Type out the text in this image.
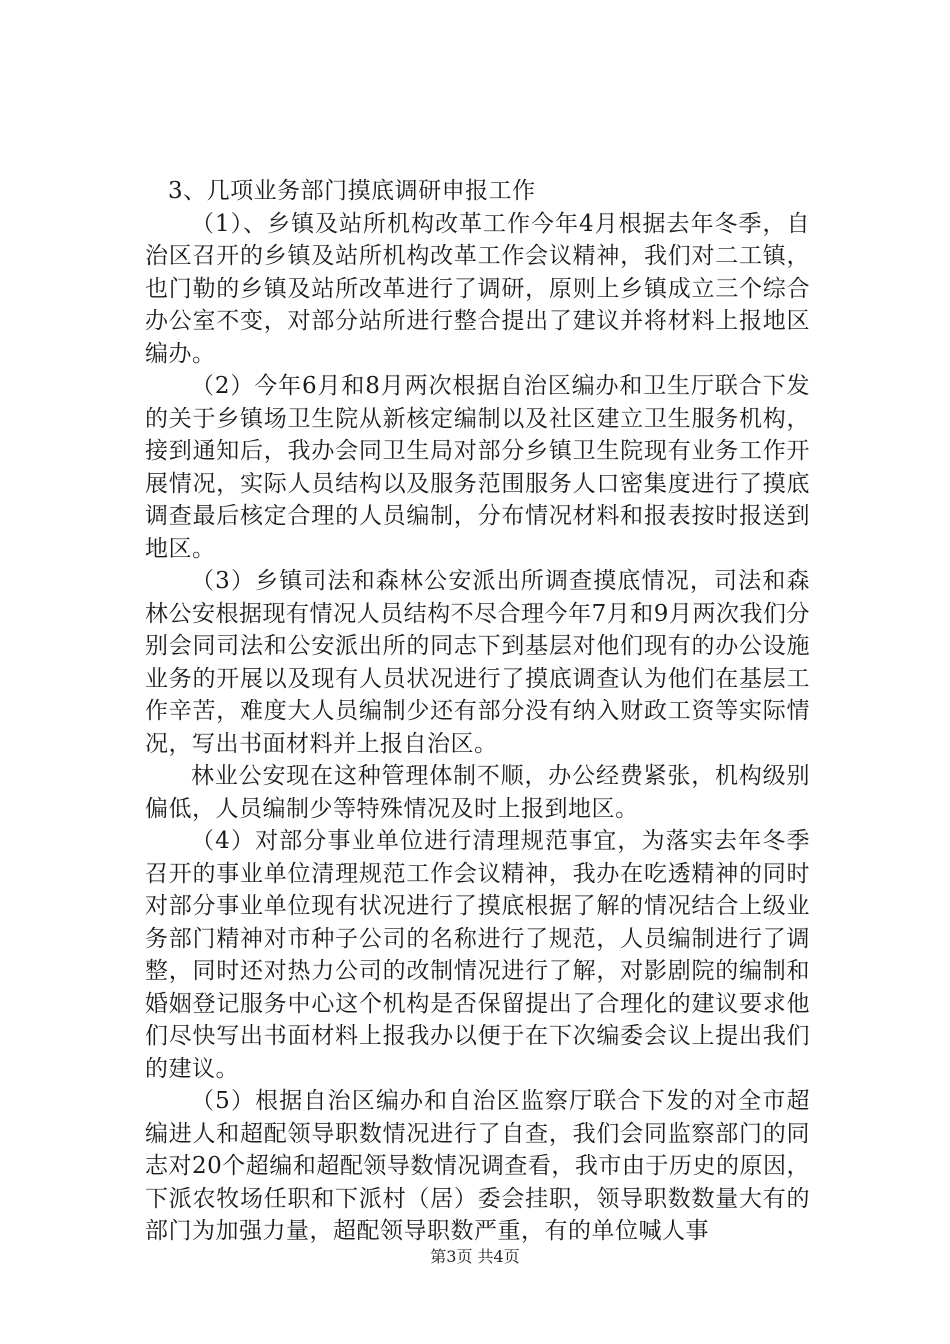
3、几项业务部门摸底调研申报工作

（1）、乡镇及站所机构改革工作今年4月根据去年冬季，自治区召开的乡镇及站所机构改革工作会议精神，我们对二工镇，也门勒的乡镇及站所改革进行了调研，原则上乡镇成立三个综合办公室不变，对部分站所进行整合提出了建议并将材料上报地区编办。

（2）今年6月和8月两次根据自治区编办和卫生厅联合下发的关于乡镇场卫生院从新核定编制以及社区建立卫生服务机构，接到通知后，我办会同卫生局对部分乡镇卫生院现有业务工作开展情况，实际人员结构以及服务范围服务人口密集度进行了摸底调查最后核定合理的人员编制，分布情况材料和报表按时报送到地区。

（3）乡镇司法和森林公安派出所调查摸底情况，司法和森林公安根据现有情况人员结构不尽合理今年7月和9月两次我们分别会同司法和公安派出所的同志下到基层对他们现有的办公设施业务的开展以及现有人员状况进行了摸底调查认为他们在基层工作辛苦，难度大人员编制少还有部分没有纳入财政工资等实际情况，写出书面材料并上报自治区。

林业公安现在这种管理体制不顺，办公经费紧张，机构级别偏低，人员编制少等特殊情况及时上报到地区。

（4）对部分事业单位进行清理规范事宜，为落实去年冬季召开的事业单位清理规范工作会议精神，我办在吃透精神的同时对部分事业单位现有状况进行了摸底根据了解的情况结合上级业务部门精神对市种子公司的名称进行了规范，人员编制进行了调整，同时还对热力公司的改制情况进行了解，对影剧院的编制和婚姻登记服务中心这个机构是否保留提出了合理化的建议要求他们尽快写出书面材料上报我办以便于在下次编委会议上提出我们的建议。

（5）根据自治区编办和自治区监察厅联合下发的对全市超编进人和超配领导职数情况进行了自查，我们会同监察部门的同志对20个超编和超配领导数情况调查看，我市由于历史的原因，下派农牧场任职和下派村（居）委会挂职，领导职数数量大有的部门为加强力量，超配领导职数严重，有的单位喊人事

第3页 共4页
